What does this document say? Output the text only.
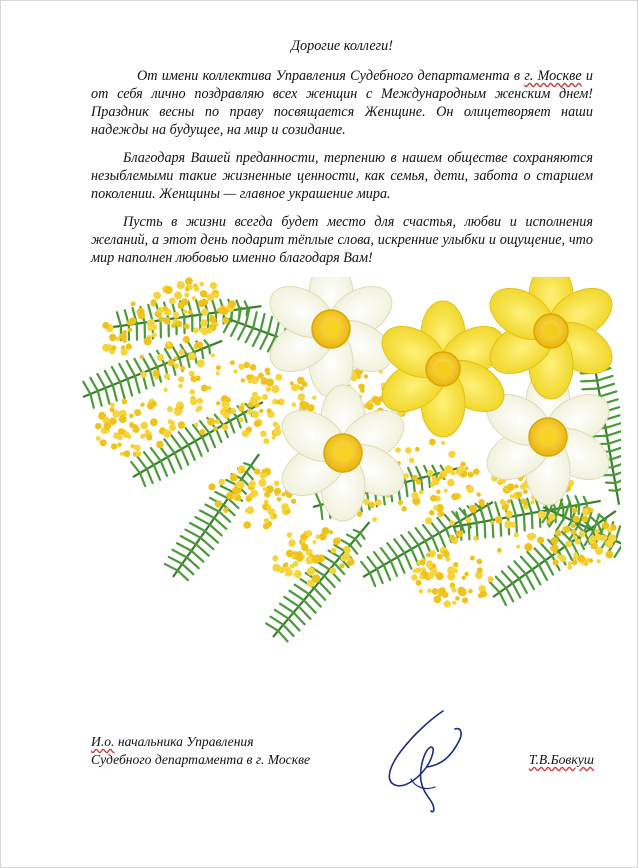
Дорогие коллеги!

От имени коллектива Управления Судебного департамента в г. Москве и от себя лично поздравляю всех женщин с Международным женским днем! Праздник весны по праву посвящается Женщине. Он олицетворяет наши надежды на будущее, на мир и созидание.

Благодаря Вашей преданности, терпению в нашем обществе сохраняются незыблемыми такие жизненные ценности, как семья, дети, забота о старшем поколении. Женщины — главное украшение мира.

Пусть в жизни всегда будет место для счастья, любви и исполнения желаний, а этот день подарит тёплые слова, искренние улыбки и ощущение, что мир наполнен любовью именно благодаря Вам!

И.о. начальника Управления
Судебного департамента в г. Москве	Т.В.Бовкуш
